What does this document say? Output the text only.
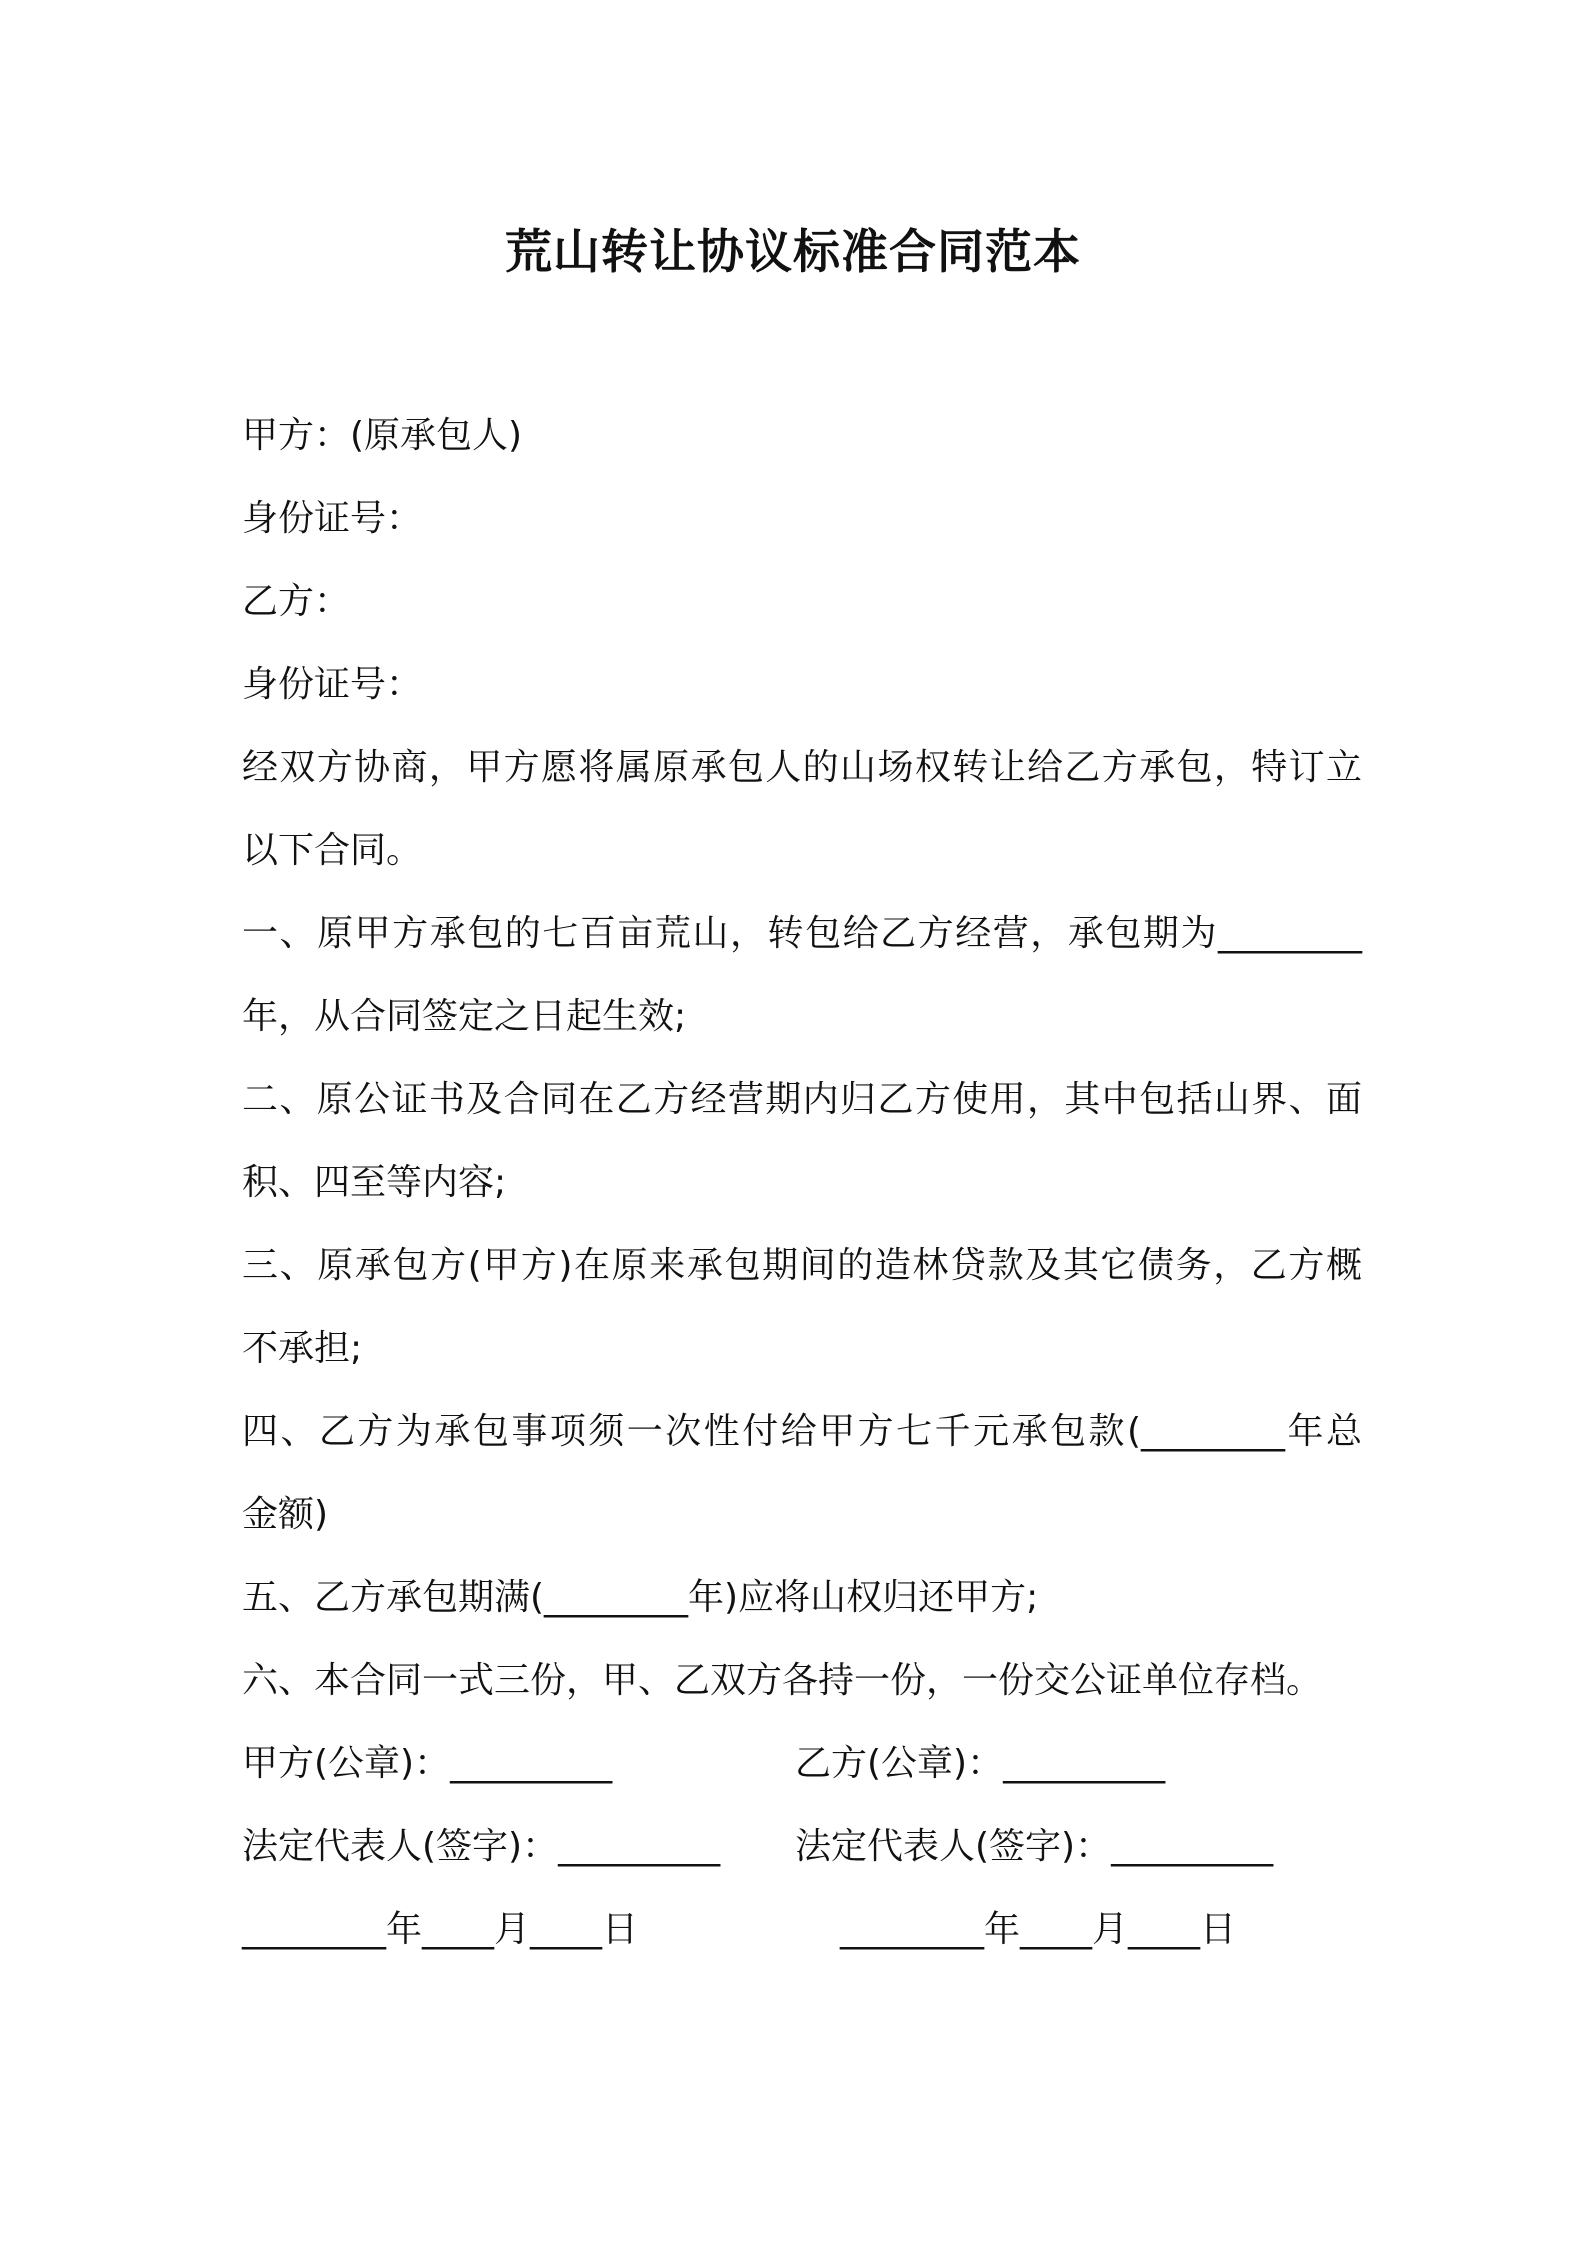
荒山转让协议标准合同范本
甲方：(原承包人)
身份证号：
乙方：
身份证号：
经双方协商，甲方愿将属原承包人的山场权转让给乙方承包，特订立
以下合同。
一、原甲方承包的七百亩荒山，转包给乙方经营，承包期为________
年，从合同签定之日起生效;
二、原公证书及合同在乙方经营期内归乙方使用，其中包括山界、面
积、四至等内容;
三、原承包方(甲方)在原来承包期间的造林贷款及其它债务，乙方概
不承担;
四、乙方为承包事项须一次性付给甲方七千元承包款(________年总
金额)
五、乙方承包期满(________年)应将山权归还甲方;
六、本合同一式三份，甲、乙双方各持一份，一份交公证单位存档。
甲方(公章)：_________	乙方(公章)：_________
法定代表人(签字)：_________	法定代表人(签字)：_________
________年____月____日	________年____月____日
